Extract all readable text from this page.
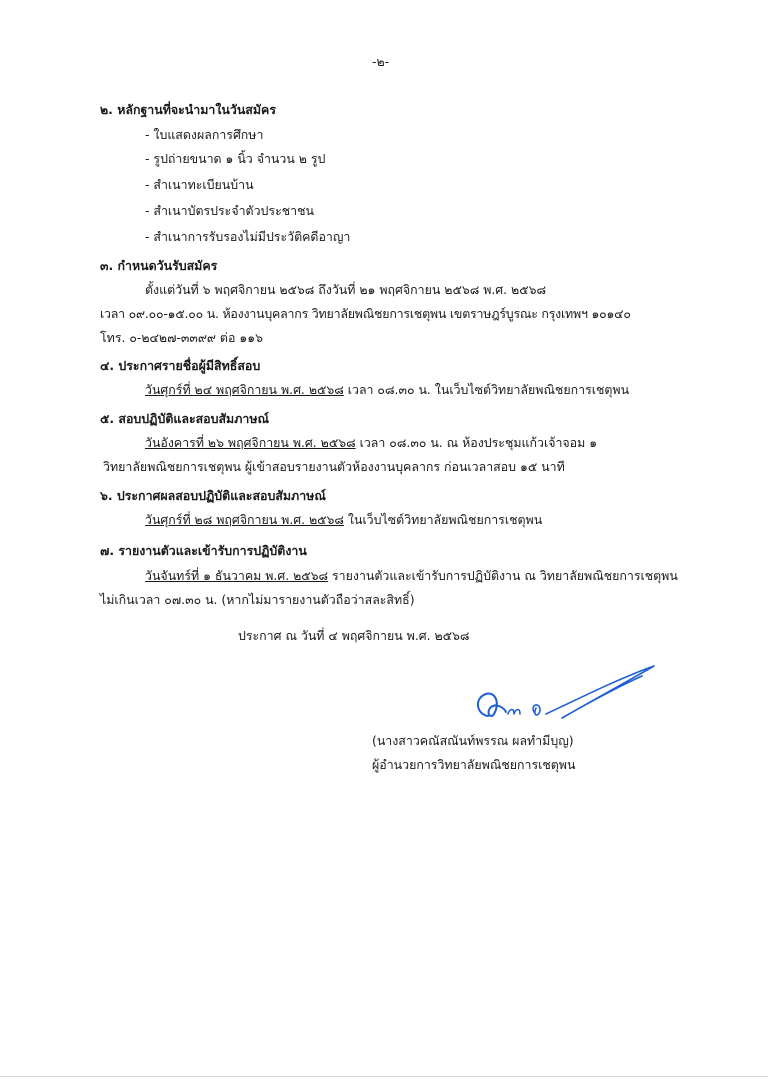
-๒-
๒. หลักฐานที่จะนำมาในวันสมัคร
- ใบแสดงผลการศึกษา
- รูปถ่ายขนาด ๑ นิ้ว จำนวน ๒ รูป
- สำเนาทะเบียนบ้าน
- สำเนาบัตรประจำตัวประชาชน
- สำเนาการรับรองไม่มีประวัติคดีอาญา
๓. กำหนดวันรับสมัคร
ตั้งแต่วันที่ ๖ พฤศจิกายน ๒๕๖๘ ถึงวันที่ ๒๑ พฤศจิกายน ๒๕๖๘ พ.ศ. ๒๕๖๘
เวลา ๐๙.๐๐-๑๕.๐๐ น. ห้องงานบุคลากร วิทยาลัยพณิชยการเชตุพน เขตราษฎร์บูรณะ กรุงเทพฯ ๑๐๑๔๐
โทร. ๐-๒๔๒๗-๓๓๙๙ ต่อ ๑๑๖
๔. ประกาศรายชื่อผู้มีสิทธิ์สอบ
วันศุกร์ที่ ๒๔ พฤศจิกายน พ.ศ. ๒๕๖๘ เวลา ๐๘.๓๐ น. ในเว็บไซต์วิทยาลัยพณิชยการเชตุพน
๕. สอบปฏิบัติและสอบสัมภาษณ์
วันอังคารที่ ๒๖ พฤศจิกายน พ.ศ. ๒๕๖๘ เวลา ๐๘.๓๐ น. ณ ห้องประชุมแก้วเจ้าจอม ๑
วิทยาลัยพณิชยการเชตุพน ผู้เข้าสอบรายงานตัวห้องงานบุคลากร ก่อนเวลาสอบ ๑๕ นาที
๖. ประกาศผลสอบปฏิบัติและสอบสัมภาษณ์
วันศุกร์ที่ ๒๘ พฤศจิกายน พ.ศ. ๒๕๖๘ ในเว็บไซต์วิทยาลัยพณิชยการเชตุพน
๗. รายงานตัวและเข้ารับการปฏิบัติงาน
วันจันทร์ที่ ๑ ธันวาคม พ.ศ. ๒๕๖๘ รายงานตัวและเข้ารับการปฏิบัติงาน ณ วิทยาลัยพณิชยการเชตุพน
ไม่เกินเวลา ๐๗.๓๐ น. (หากไม่มารายงานตัวถือว่าสละสิทธิ์)
ประกาศ ณ วันที่ ๔ พฤศจิกายน พ.ศ. ๒๕๖๘
(นางสาวคณัสณันท์พรรณ ผลทำมีบุญ)
ผู้อำนวยการวิทยาลัยพณิชยการเชตุพน
